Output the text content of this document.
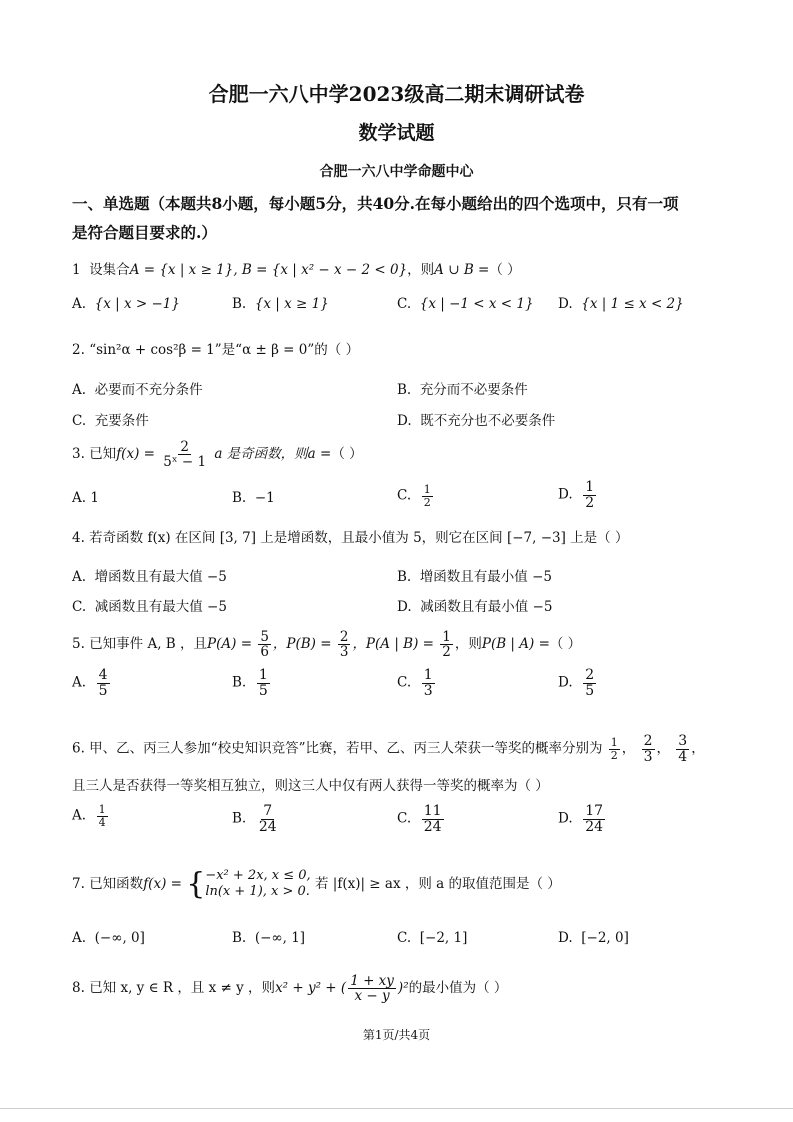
合肥一六八中学2023级高二期末调研试卷
数学试题
合肥一六八中学命题中心
一、单选题（本题共8小题，每小题5分，共40分.在每小题给出的四个选项中，只有一项
是符合题目要求的.）
1 设集合A = {x | x ≥ 1}, B = {x | x² − x − 2 < 0}，则A ∪ B =（ ）
A. {x | x > −1}	B. {x | x ≥ 1}	C. {x | −1 < x < 1} D. {x | 1 ≤ x < 2}
2. “sin²α + cos²β = 1”是“α ± β = 0”的（ ）
A. 必要而不充分条件	B. 充分而不必要条件
C. 充要条件	D. 既不充分也不必要条件
3. 已知$f(x) = \frac{2}{\text{5ˣ − 1}}$ a 是奇函数，则a =（ ）
A. 1	B. −1	C. $\frac{1}{2}$	D. $\frac{1}{2}$
4. 若奇函数 f(x) 在区间 [3, 7] 上是增函数，且最小值为 5，则它在区间 [−7, −3] 上是（ ）
A. 增函数且有最大值 −5	B. 增函数且有最小值 −5
C. 减函数且有最大值 −5	D. 减函数且有最小值 −5
5. 已知事件 A, B ，且$P(A) = \frac{5}{6}$ ，$P(B) = \frac{2}{3}$ ，P(A | $B) = \frac{1}{2}$ ，则P(B | A) =（ ）
A. $\frac{4}{5}$	B. $\frac{1}{5}$	C. $\frac{1}{3}$	D. $\frac{2}{5}$
6. 甲、乙、丙三人参加“校史知识竞答”比赛，若甲、乙、丙三人荣获一等奖的概率分别为 $\frac{1}{2}$ ， $\frac{2}{3}$ ， $\frac{3}{4}$ ，
且三人是否获得一等奖相互独立，则这三人中仅有两人获得一等奖的概率为（ ）
A. $\frac{1}{4}$	B. $\frac{7}{24}$	C. $\frac{11}{24}$	D. $\frac{17}{24}$
7. 已知函数f(x) = { −x² + 2x, x ≤ 0,
ln(x + 1), x > 0. 若 |f(x)| ≥ ax ，则 a 的取值范围是（ ）
A. (−∞, 0]	B. (−∞, 1]	C. [−2, 1]	D. [−2, 0]
8. 已知 x, y ∈ R ，且 x ≠ y ，则x² + y² + ( $\frac{1 + xy}{x - y} )^2$的最小值为（ ）
第1页/共4页
